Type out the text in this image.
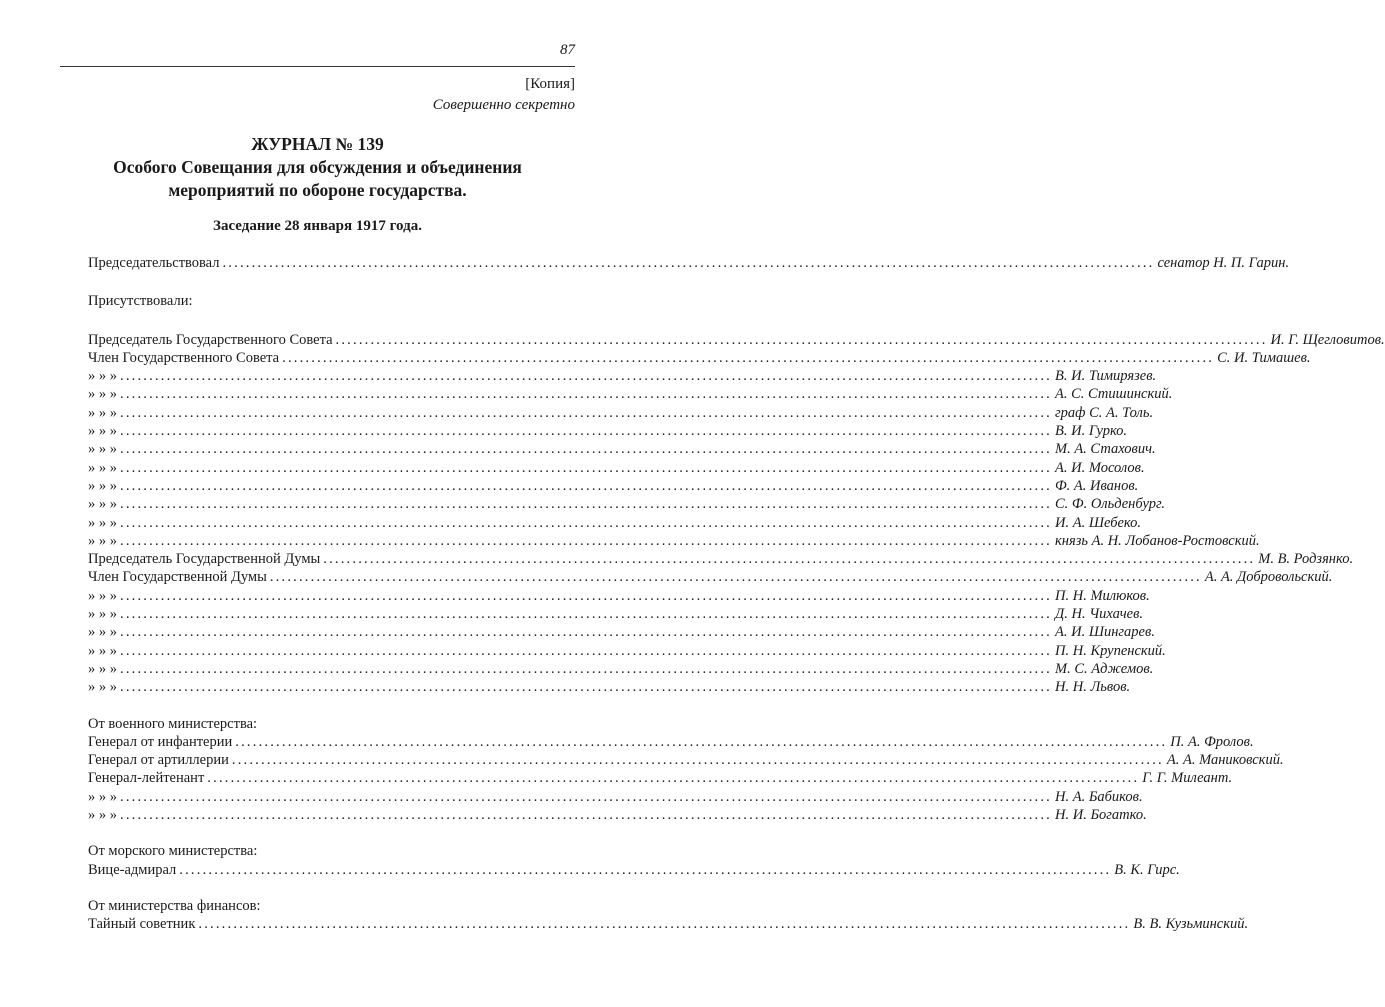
87
[Копия]
Совершенно секретно
ЖУРНАЛ № 139
Особого Совещания для обсуждения и объединения
мероприятий по обороне государства.
Заседание 28 января 1917 года.
Председательствовал ................................................................................................................................................................ сенатор Н. П. Гарин.
Присутствовали:
Председатель Государственного Совета ................................................................................................................................................................ И. Г. Щегловитов.
Член Государственного Совета ................................................................................................................................................................ С. И. Тимашев.
» » » ................................................................................................................................................................ В. И. Тимирязев.
» » » ................................................................................................................................................................ А. С. Стишинский.
» » » ................................................................................................................................................................ граф С. А. Толь.
» » » ................................................................................................................................................................ В. И. Гурко.
» » » ................................................................................................................................................................ М. А. Стахович.
» » » ................................................................................................................................................................ А. И. Мосолов.
» » » ................................................................................................................................................................ Ф. А. Иванов.
» » » ................................................................................................................................................................ С. Ф. Ольденбург.
» » » ................................................................................................................................................................ И. А. Шебеко.
» » » ................................................................................................................................................................ князь А. Н. Лобанов-Ростовский.
Председатель Государственной Думы ................................................................................................................................................................ М. В. Родзянко.
Член Государственной Думы ................................................................................................................................................................ А. А. Добровольский.
» » » ................................................................................................................................................................ П. Н. Милюков.
» » » ................................................................................................................................................................ Д. Н. Чихачев.
» » » ................................................................................................................................................................ А. И. Шингарев.
» » » ................................................................................................................................................................ П. Н. Крупенский.
» » » ................................................................................................................................................................ М. С. Аджемов.
» » » ................................................................................................................................................................ Н. Н. Львов.
От военного министерства:
Генерал от инфантерии ................................................................................................................................................................ П. А. Фролов.
Генерал от артиллерии ................................................................................................................................................................ А. А. Маниковский.
Генерал-лейтенант ................................................................................................................................................................ Г. Г. Милеант.
» » » ................................................................................................................................................................ Н. А. Бабиков.
» » » ................................................................................................................................................................ Н. И. Богатко.
От морского министерства:
Вице-адмирал ................................................................................................................................................................ В. К. Гирс.
От министерства финансов:
Тайный советник ................................................................................................................................................................ В. В. Кузьминский.
